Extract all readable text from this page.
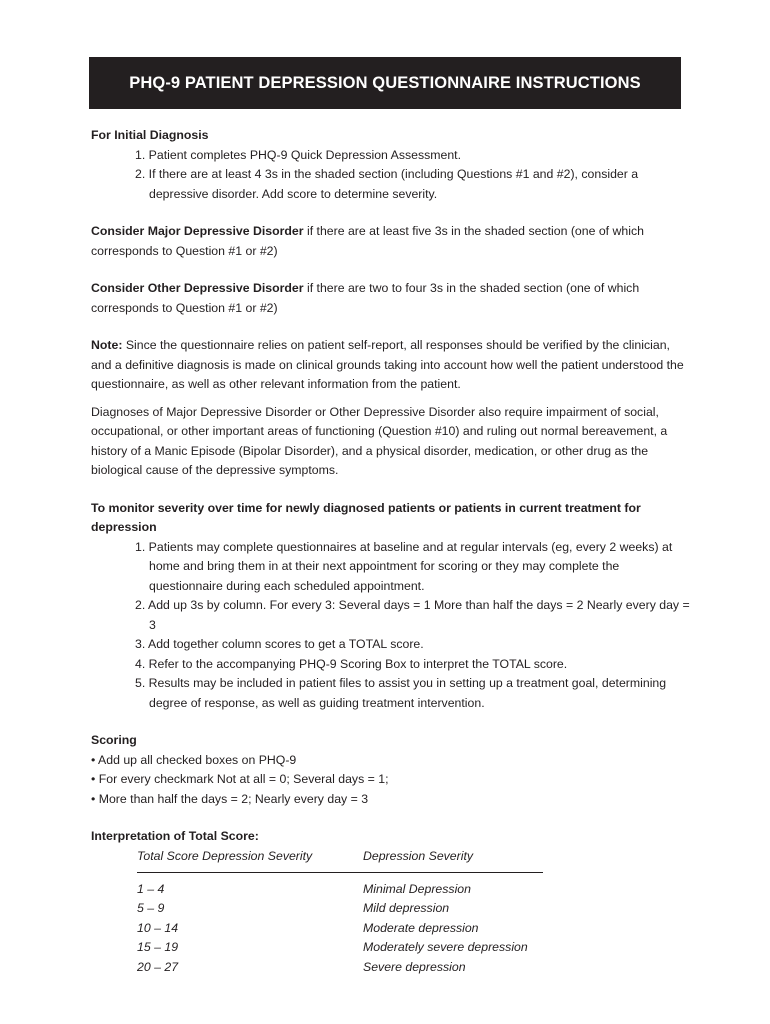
PHQ-9 PATIENT DEPRESSION QUESTIONNAIRE INSTRUCTIONS

For Initial Diagnosis

1. Patient completes PHQ-9 Quick Depression Assessment.
2. If there are at least 4 3s in the shaded section (including Questions #1 and #2), consider a depressive disorder. Add score to determine severity.

Consider Major Depressive Disorder if there are at least five 3s in the shaded section (one of which corresponds to Question #1 or #2)

Consider Other Depressive Disorder if there are two to four 3s in the shaded section (one of which corresponds to Question #1 or #2)

Note: Since the questionnaire relies on patient self-report, all responses should be verified by the clinician, and a definitive diagnosis is made on clinical grounds taking into account how well the patient understood the questionnaire, as well as other relevant information from the patient.

Diagnoses of Major Depressive Disorder or Other Depressive Disorder also require impairment of social, occupational, or other important areas of functioning (Question #10) and ruling out normal bereavement, a history of a Manic Episode (Bipolar Disorder), and a physical disorder, medication, or other drug as the biological cause of the depressive symptoms.

To monitor severity over time for newly diagnosed patients or patients in current treatment for depression

1. Patients may complete questionnaires at baseline and at regular intervals (eg, every 2 weeks) at home and bring them in at their next appointment for scoring or they may complete the questionnaire during each scheduled appointment.
2. Add up 3s by column. For every 3: Several days = 1 More than half the days = 2 Nearly every day = 3
3. Add together column scores to get a TOTAL score.
4. Refer to the accompanying PHQ-9 Scoring Box to interpret the TOTAL score.
5. Results may be included in patient files to assist you in setting up a treatment goal, determining degree of response, as well as guiding treatment intervention.

Scoring

• Add up all checked boxes on PHQ-9
• For every checkmark Not at all = 0; Several days = 1;
• More than half the days = 2; Nearly every day = 3

Interpretation of Total Score:

Total Score Depression Severity	Depression Severity
1 – 4	Minimal Depression
5 – 9	Mild depression
10 – 14	Moderate depression
15 – 19	Moderately severe depression
20 – 27	Severe depression
